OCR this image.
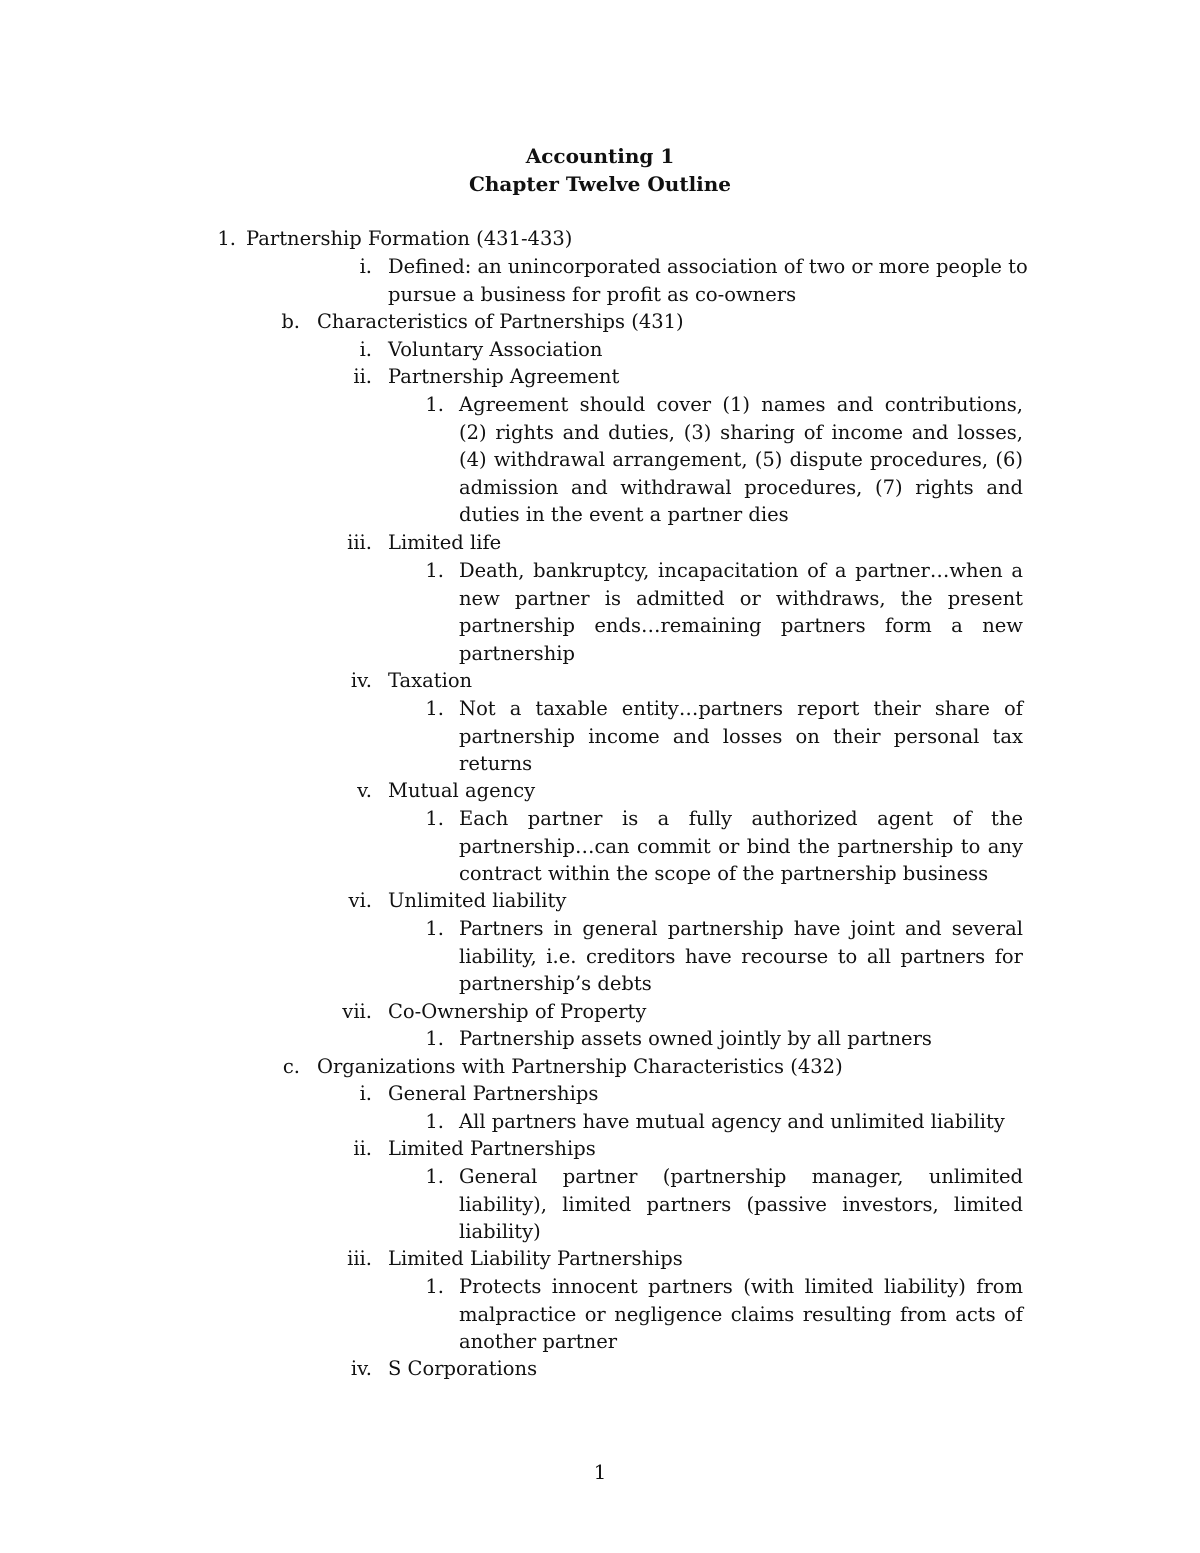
Accounting 1
Chapter Twelve Outline
1. Partnership Formation (431-433)
i. Defined: an unincorporated association of two or more people to pursue a business for profit as co-owners
b. Characteristics of Partnerships (431)
i. Voluntary Association
ii. Partnership Agreement
1. Agreement should cover (1) names and contributions, (2) rights and duties, (3) sharing of income and losses, (4) withdrawal arrangement, (5) dispute procedures, (6) admission and withdrawal procedures, (7) rights and duties in the event a partner dies
iii. Limited life
1. Death, bankruptcy, incapacitation of a partner…when a new partner is admitted or withdraws, the present partnership ends…remaining partners form a new partnership
iv. Taxation
1. Not a taxable entity…partners report their share of partnership income and losses on their personal tax returns
v. Mutual agency
1. Each partner is a fully authorized agent of the partnership…can commit or bind the partnership to any contract within the scope of the partnership business
vi. Unlimited liability
1. Partners in general partnership have joint and several liability, i.e. creditors have recourse to all partners for partnership’s debts
vii. Co-Ownership of Property
1. Partnership assets owned jointly by all partners
c. Organizations with Partnership Characteristics (432)
i. General Partnerships
1. All partners have mutual agency and unlimited liability
ii. Limited Partnerships
1. General partner (partnership manager, unlimited liability), limited partners (passive investors, limited liability)
iii. Limited Liability Partnerships
1. Protects innocent partners (with limited liability) from malpractice or negligence claims resulting from acts of another partner
iv. S Corporations
1
